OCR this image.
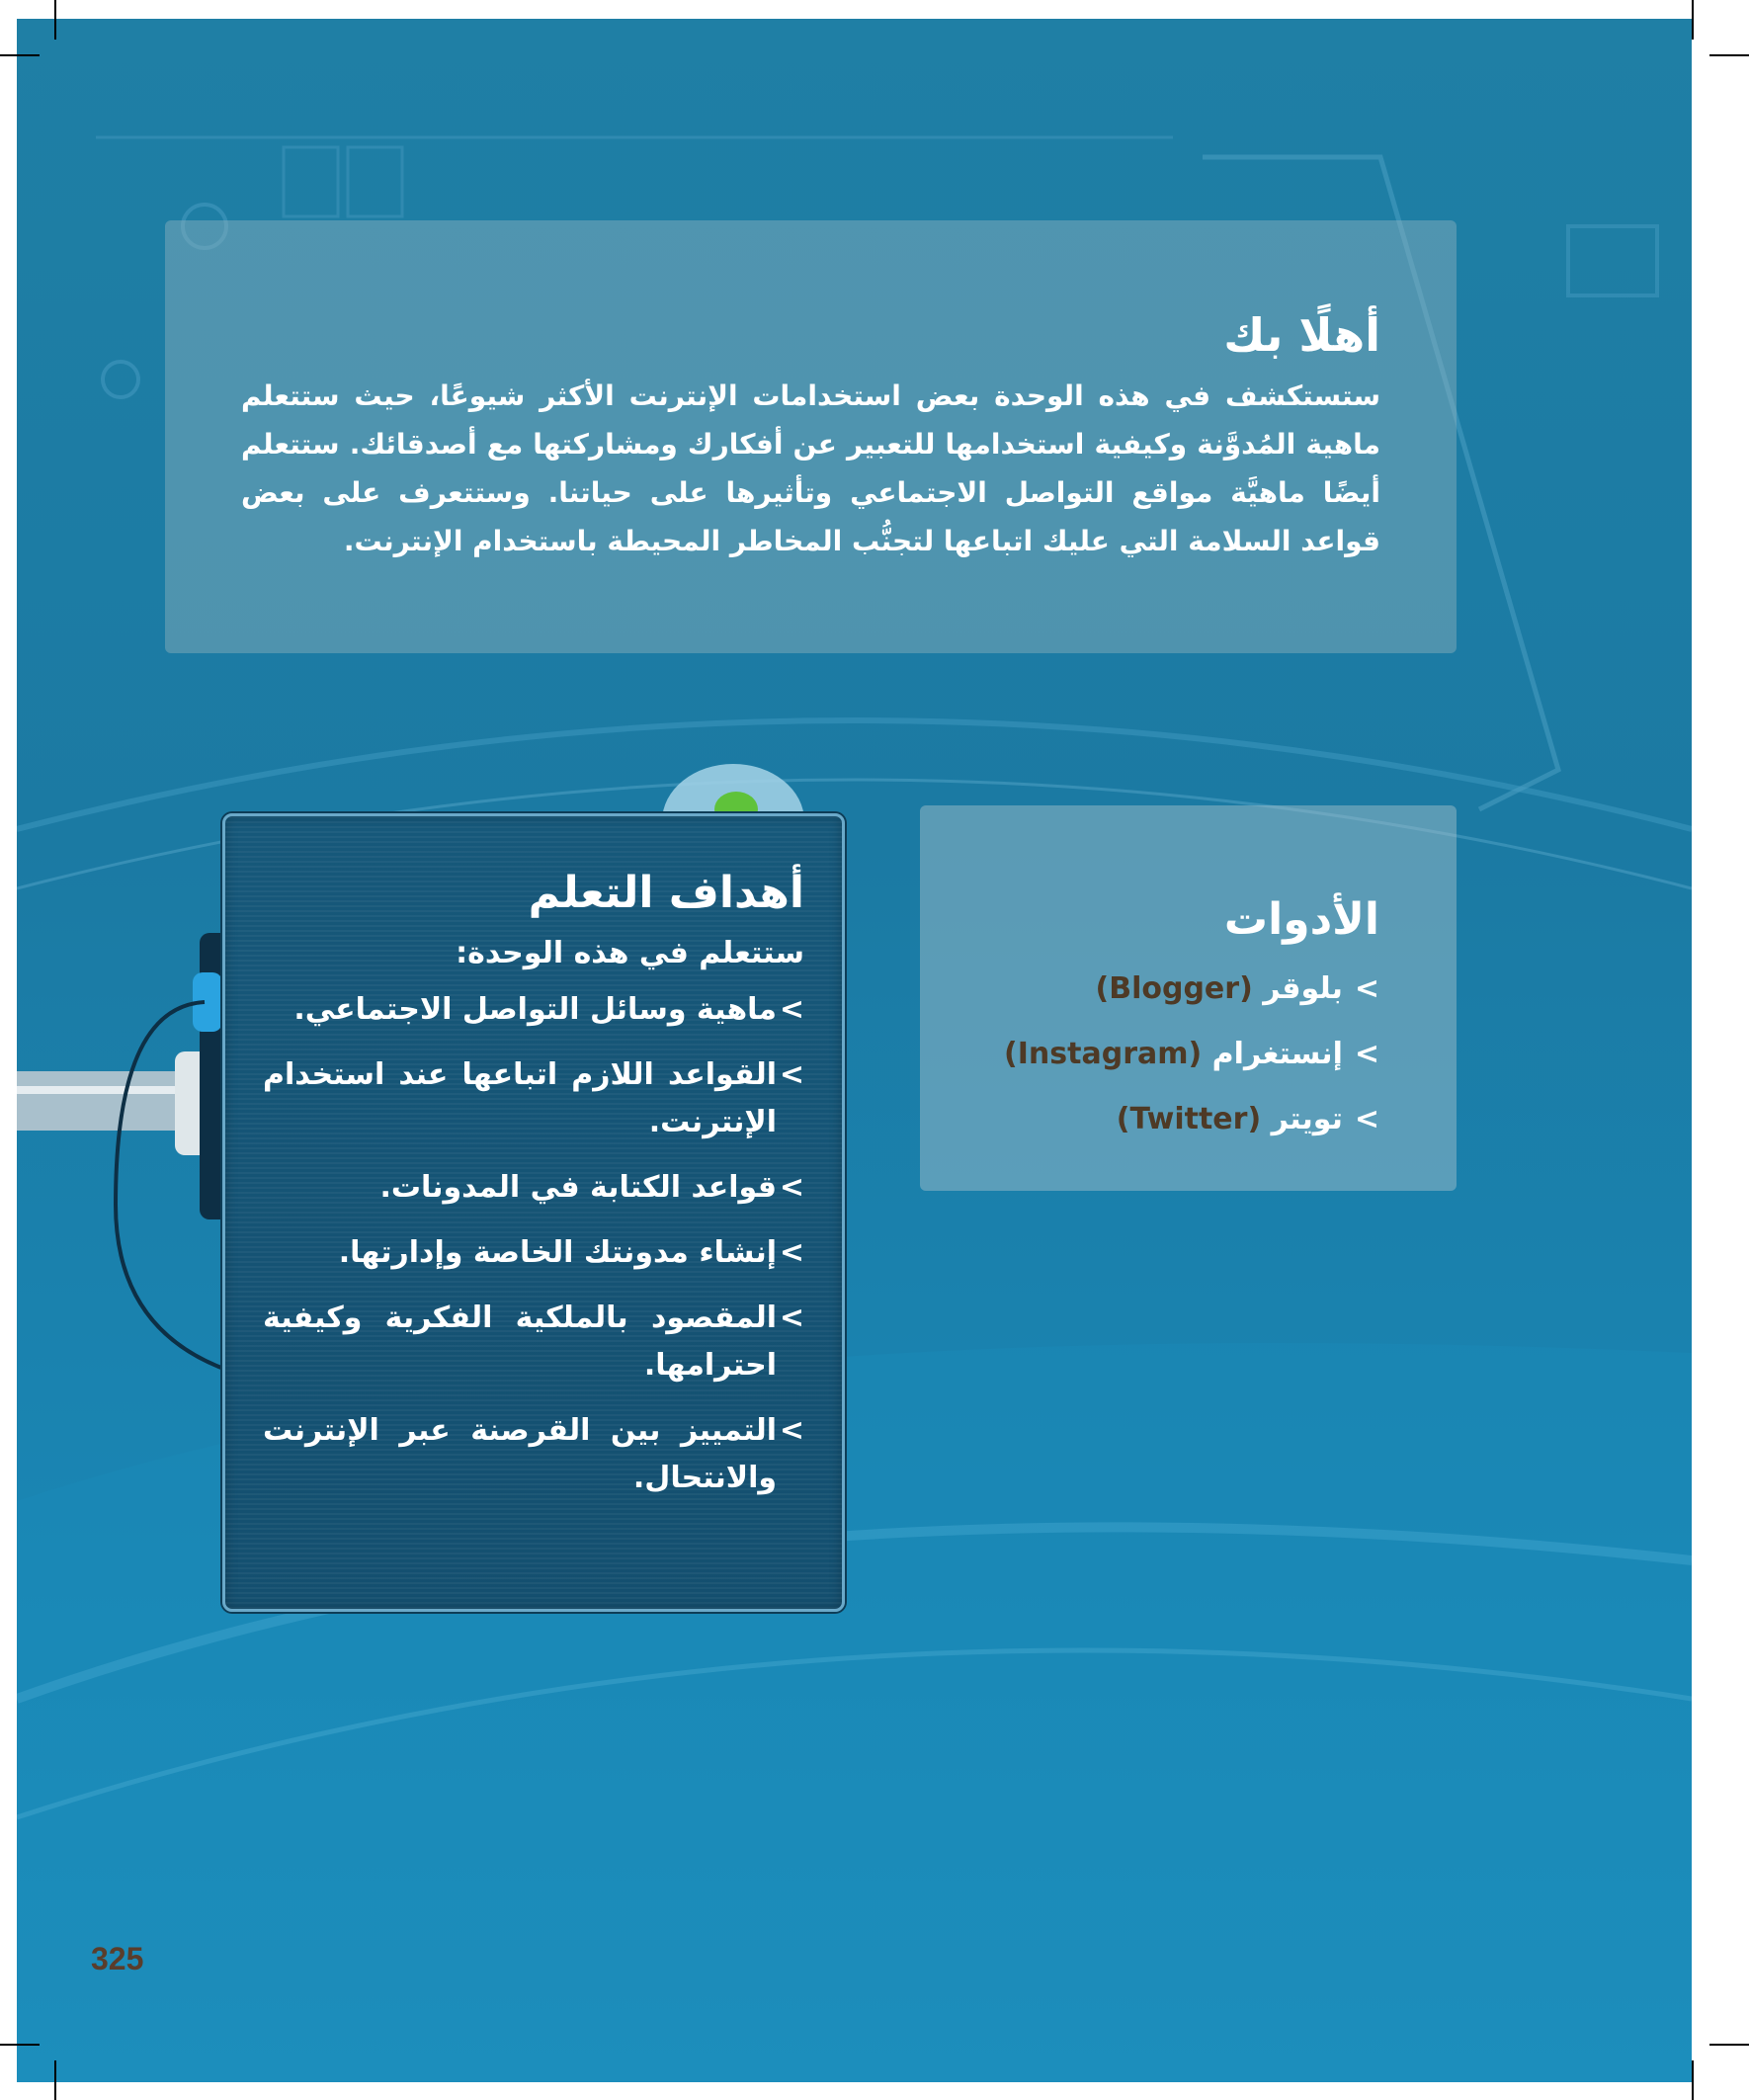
أهلًا بك

ستستكشف في هذه الوحدة بعض استخدامات الإنترنت الأكثر شيوعًا، حيث ستتعلم ماهية المُدوَّنة وكيفية استخدامها للتعبير عن أفكارك ومشاركتها مع أصدقائك. ستتعلم أيضًا ماهيَّة مواقع التواصل الاجتماعي وتأثيرها على حياتنا. وستتعرف على بعض قواعد السلامة التي عليك اتباعها لتجنُّب المخاطر المحيطة باستخدام الإنترنت.

الأدوات
>بلوقر (Blogger)
>إنستغرام (Instagram)
>تويتر (Twitter)
أهداف التعلم
ستتعلم في هذه الوحدة:
>
ماهية وسائل التواصل الاجتماعي.
>
القواعد اللازم اتباعها عند استخدام الإنترنت.
>
قواعد الكتابة في المدونات.
>
إنشاء مدونتك الخاصة وإدارتها.
>
المقصود بالملكية الفكرية وكيفية احترامها.
>
التمييز بين القرصنة عبر الإنترنت والانتحال.
325
